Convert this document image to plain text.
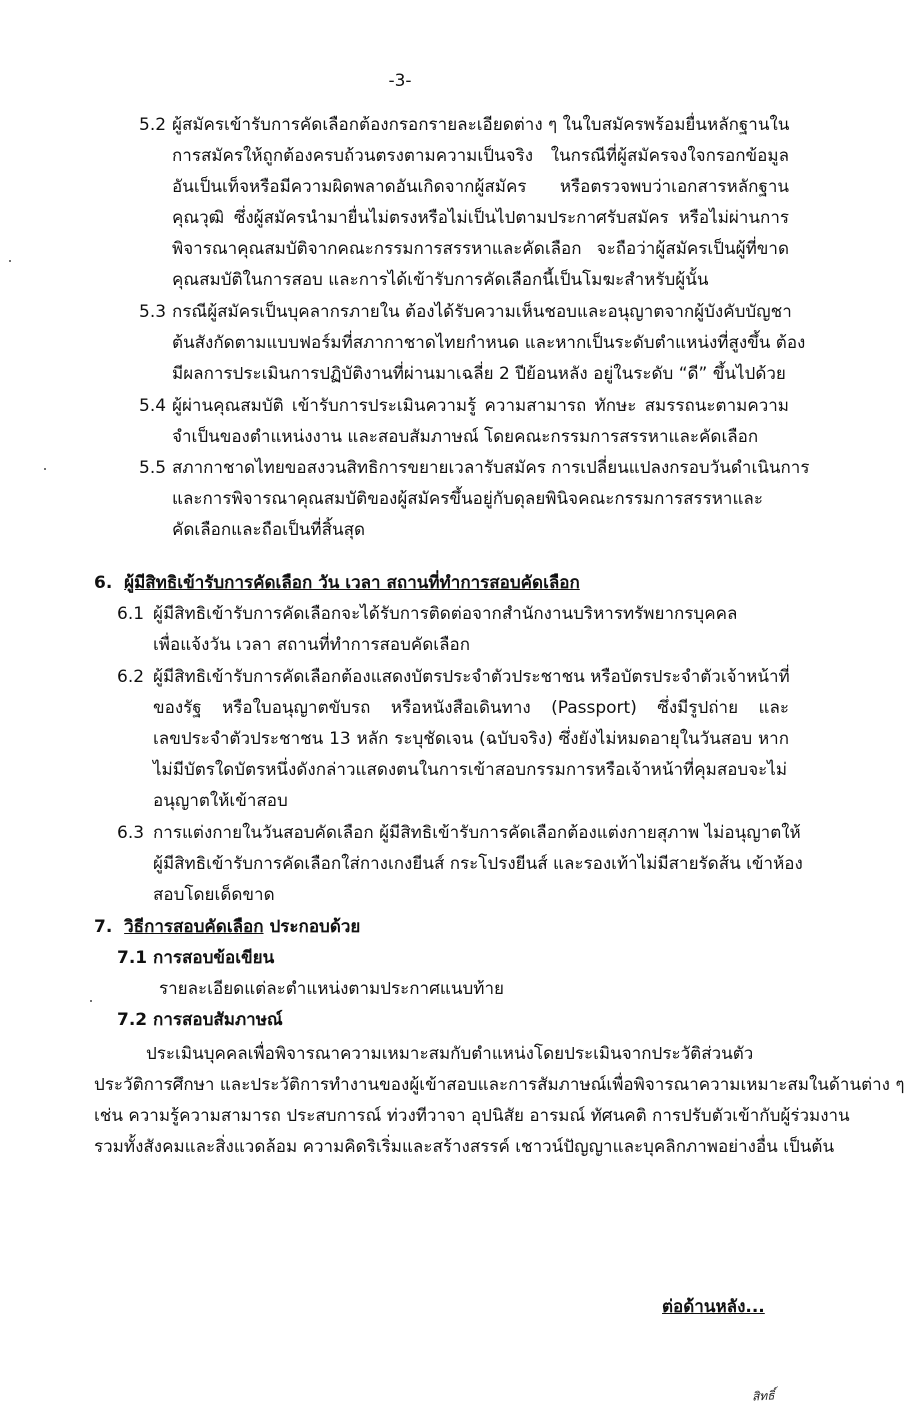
-3-
5.2 ผู้สมัครเข้ารับการคัดเลือกต้องกรอกรายละเอียดต่าง ๆ ในใบสมัครพร้อมยื่นหลักฐานใน
การสมัครให้ถูกต้องครบถ้วนตรงตามความเป็นจริง ในกรณีที่ผู้สมัครจงใจกรอกข้อมูล
อันเป็นเท็จหรือมีความผิดพลาดอันเกิดจากผู้สมัคร หรือตรวจพบว่าเอกสารหลักฐาน
คุณวุฒิ ซึ่งผู้สมัครนำมายื่นไม่ตรงหรือไม่เป็นไปตามประกาศรับสมัคร หรือไม่ผ่านการ
พิจารณาคุณสมบัติจากคณะกรรมการสรรหาและคัดเลือก จะถือว่าผู้สมัครเป็นผู้ที่ขาด
คุณสมบัติในการสอบ และการได้เข้ารับการคัดเลือกนี้เป็นโมฆะสำหรับผู้นั้น
5.3 กรณีผู้สมัครเป็นบุคลากรภายใน ต้องได้รับความเห็นชอบและอนุญาตจากผู้บังคับบัญชา
ต้นสังกัดตามแบบฟอร์มที่สภากาชาดไทยกำหนด และหากเป็นระดับตำแหน่งที่สูงขึ้น ต้อง
มีผลการประเมินการปฏิบัติงานที่ผ่านมาเฉลี่ย 2 ปีย้อนหลัง อยู่ในระดับ “ดี” ขึ้นไปด้วย
5.4 ผู้ผ่านคุณสมบัติ เข้ารับการประเมินความรู้ ความสามารถ ทักษะ สมรรถนะตามความ
จำเป็นของตำแหน่งงาน และสอบสัมภาษณ์ โดยคณะกรรมการสรรหาและคัดเลือก
5.5 สภากาชาดไทยขอสงวนสิทธิการขยายเวลารับสมัคร การเปลี่ยนแปลงกรอบวันดำเนินการ
และการพิจารณาคุณสมบัติของผู้สมัครขึ้นอยู่กับดุลยพินิจคณะกรรมการสรรหาและ
คัดเลือกและถือเป็นที่สิ้นสุด
6. ผู้มีสิทธิเข้ารับการคัดเลือก วัน เวลา สถานที่ทำการสอบคัดเลือก
6.1 ผู้มีสิทธิเข้ารับการคัดเลือกจะได้รับการติดต่อจากสำนักงานบริหารทรัพยากรบุคคล
เพื่อแจ้งวัน เวลา สถานที่ทำการสอบคัดเลือก
6.2 ผู้มีสิทธิเข้ารับการคัดเลือกต้องแสดงบัตรประจำตัวประชาชน หรือบัตรประจำตัวเจ้าหน้าที่
ของรัฐ หรือใบอนุญาตขับรถ หรือหนังสือเดินทาง (Passport) ซึ่งมีรูปถ่าย และ
เลขประจำตัวประชาชน 13 หลัก ระบุชัดเจน (ฉบับจริง) ซึ่งยังไม่หมดอายุในวันสอบ หาก
ไม่มีบัตรใดบัตรหนึ่งดังกล่าวแสดงตนในการเข้าสอบกรรมการหรือเจ้าหน้าที่คุมสอบจะไม่
อนุญาตให้เข้าสอบ
6.3 การแต่งกายในวันสอบคัดเลือก ผู้มีสิทธิเข้ารับการคัดเลือกต้องแต่งกายสุภาพ ไม่อนุญาตให้
ผู้มีสิทธิเข้ารับการคัดเลือกใส่กางเกงยีนส์ กระโปรงยีนส์ และรองเท้าไม่มีสายรัดส้น เข้าห้อง
สอบโดยเด็ดขาด
7. วิธีการสอบคัดเลือก ประกอบด้วย
7.1 การสอบข้อเขียน
รายละเอียดแต่ละตำแหน่งตามประกาศแนบท้าย
7.2 การสอบสัมภาษณ์
ประเมินบุคคลเพื่อพิจารณาความเหมาะสมกับตำแหน่งโดยประเมินจากประวัติส่วนตัว
ประวัติการศึกษา และประวัติการทำงานของผู้เข้าสอบและการสัมภาษณ์เพื่อพิจารณาความเหมาะสมในด้านต่าง ๆ
เช่น ความรู้ความสามารถ ประสบการณ์ ท่วงทีวาจา อุปนิสัย อารมณ์ ทัศนคติ การปรับตัวเข้ากับผู้ร่วมงาน
รวมทั้งสังคมและสิ่งแวดล้อม ความคิดริเริ่มและสร้างสรรค์ เชาวน์ปัญญาและบุคลิกภาพอย่างอื่น เป็นต้น
ต่อด้านหลัง...
สิทธิ์
